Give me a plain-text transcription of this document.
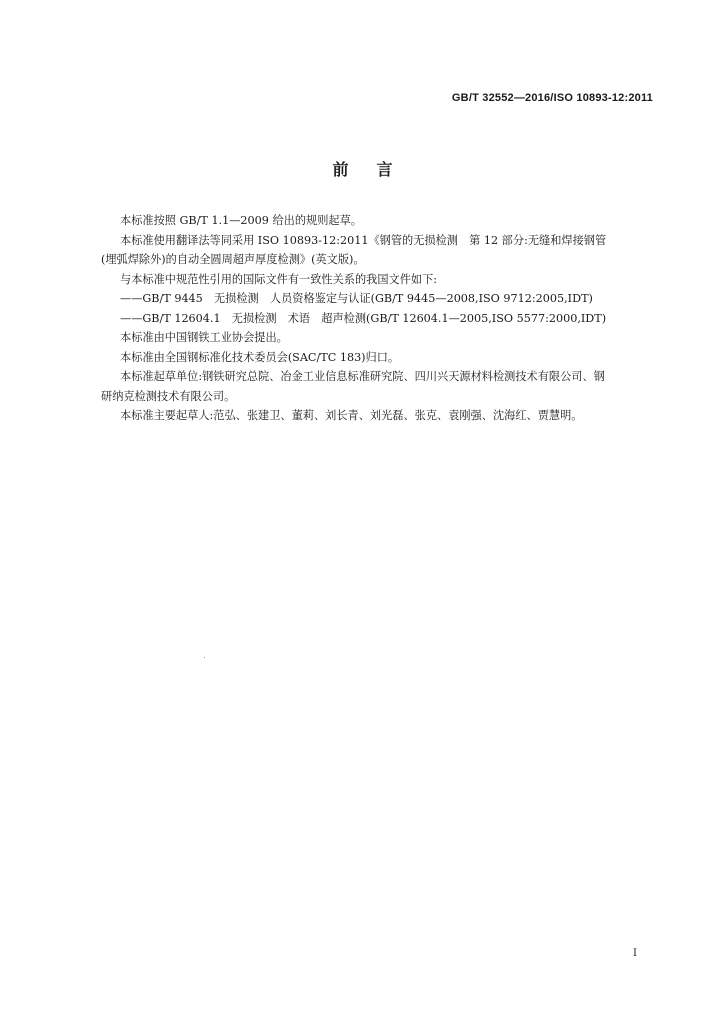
GB/T 32552—2016/ISO 10893-12:2011
前言

本标准按照 GB/T 1.1—2009 给出的规则起草。

本标准使用翻译法等同采用 ISO 10893-12:2011《钢管的无损检测　第 12 部分:无缝和焊接钢管

(埋弧焊除外)的自动全圆周超声厚度检测》(英文版)。

与本标准中规范性引用的国际文件有一致性关系的我国文件如下:

——GB/T 9445　无损检测　人员资格鉴定与认证(GB/T 9445—2008,ISO 9712:2005,IDT)

——GB/T 12604.1　无损检测　术语　超声检测(GB/T 12604.1—2005,ISO 5577:2000,IDT)

本标准由中国钢铁工业协会提出。

本标准由全国钢标准化技术委员会(SAC/TC 183)归口。

本标准起草单位:钢铁研究总院、冶金工业信息标准研究院、四川兴天源材料检测技术有限公司、钢

研纳克检测技术有限公司。

本标准主要起草人:范弘、张建卫、董莉、刘长青、刘光磊、张克、袁刚强、沈海红、贾慧明。

I
